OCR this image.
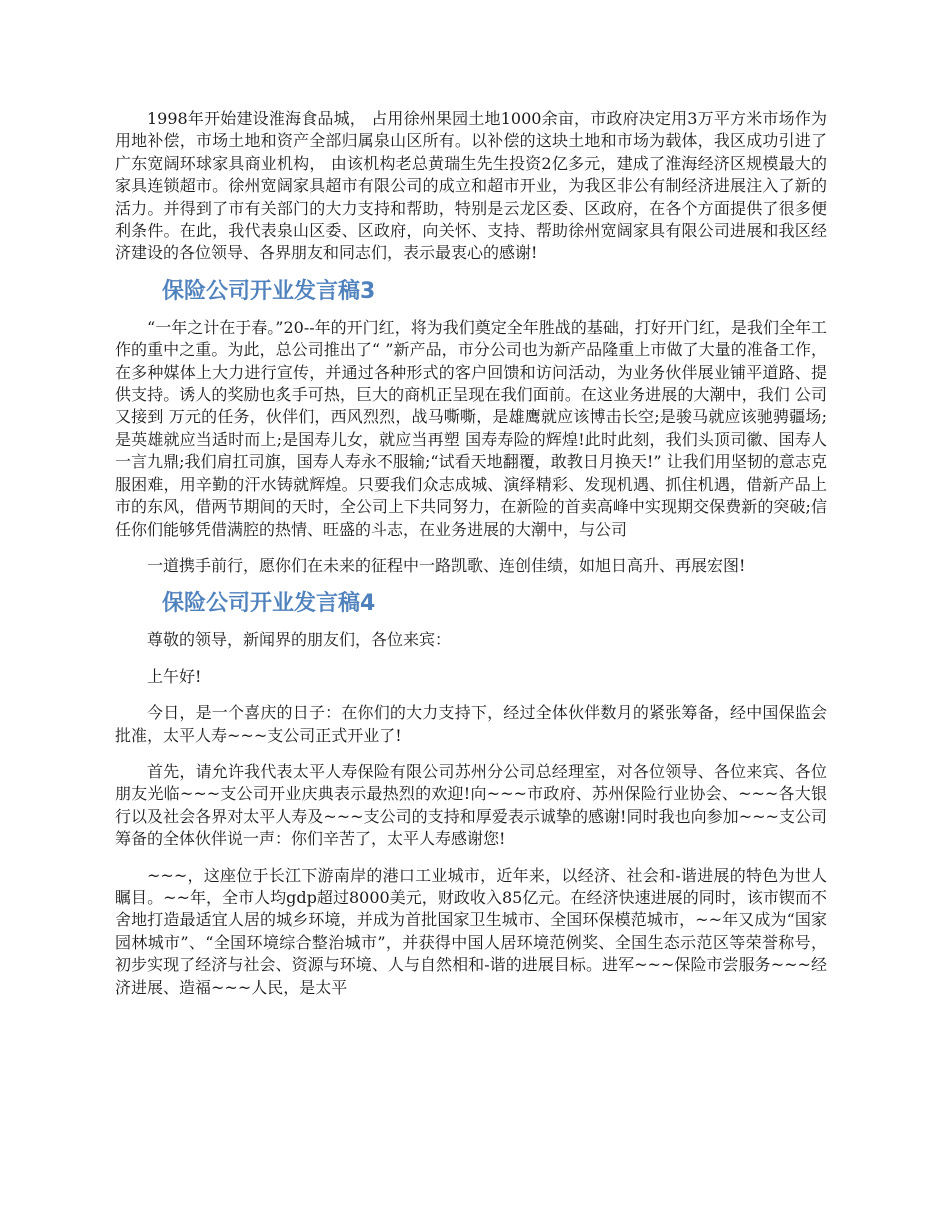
1998年开始建设淮海食品城， 占用徐州果园土地1000余亩，市政府决定用3万平方米市场作为用地补偿，市场土地和资产全部归属泉山区所有。以补偿的这块土地和市场为载体，我区成功引进了广东宽阔环球家具商业机构， 由该机构老总黄瑞生先生投资2亿多元，建成了淮海经济区规模最大的家具连锁超市。徐州宽阔家具超市有限公司的成立和超市开业，为我区非公有制经济进展注入了新的活力。并得到了市有关部门的大力支持和帮助，特别是云龙区委、区政府，在各个方面提供了很多便利条件。在此，我代表泉山区委、区政府，向关怀、支持、帮助徐州宽阔家具有限公司进展和我区经济建设的各位领导、各界朋友和同志们，表示最衷心的感谢!

保险公司开业发言稿3

“一年之计在于春。”20--年的开门红，将为我们奠定全年胜战的基础，打好开门红，是我们全年工作的重中之重。为此，总公司推出了“ ”新产品，市分公司也为新产品隆重上市做了大量的准备工作，在多种媒体上大力进行宣传，并通过各种形式的客户回馈和访问活动，为业务伙伴展业铺平道路、提供支持。诱人的奖励也炙手可热，巨大的商机正呈现在我们面前。在这业务进展的大潮中，我们 公司又接到 万元的任务，伙伴们，西风烈烈，战马嘶嘶，是雄鹰就应该博击长空;是骏马就应该驰骋疆场;是英雄就应当适时而上;是国寿儿女，就应当再塑 国寿寿险的辉煌!此时此刻，我们头顶司徽、国寿人一言九鼎;我们肩扛司旗，国寿人寿永不服输;“试看天地翻覆，敢教日月换天!” 让我们用坚韧的意志克服困难，用辛勤的汗水铸就辉煌。只要我们众志成城、演绎精彩、发现机遇、抓住机遇，借新产品上市的东风，借两节期间的天时，全公司上下共同努力，在新险的首卖高峰中实现期交保费新的突破;信任你们能够凭借满腔的热情、旺盛的斗志，在业务进展的大潮中，与公司

一道携手前行，愿你们在未来的征程中一路凯歌、连创佳绩，如旭日高升、再展宏图!

保险公司开业发言稿4

尊敬的领导，新闻界的朋友们，各位来宾：

上午好!

今日，是一个喜庆的日子：在你们的大力支持下，经过全体伙伴数月的紧张筹备，经中国保监会批准，太平人寿~~~支公司正式开业了!

首先，请允许我代表太平人寿保险有限公司苏州分公司总经理室，对各位领导、各位来宾、各位朋友光临~~~支公司开业庆典表示最热烈的欢迎!向~~~市政府、苏州保险行业协会、~~~各大银行以及社会各界对太平人寿及~~~支公司的支持和厚爱表示诚挚的感谢!同时我也向参加~~~支公司筹备的全体伙伴说一声：你们辛苦了，太平人寿感谢您!

~~~，这座位于长江下游南岸的港口工业城市，近年来，以经济、社会和-谐进展的特色为世人瞩目。~~年，全市人均gdp超过8000美元，财政收入85亿元。在经济快速进展的同时，该市锲而不舍地打造最适宜人居的城乡环境，并成为首批国家卫生城市、全国环保模范城市，~~年又成为“国家园林城市”、“全国环境综合整治城市”，并获得中国人居环境范例奖、全国生态示范区等荣誉称号，初步实现了经济与社会、资源与环境、人与自然相和-谐的进展目标。进军~~~保险市尝服务~~~经济进展、造福~~~人民，是太平
